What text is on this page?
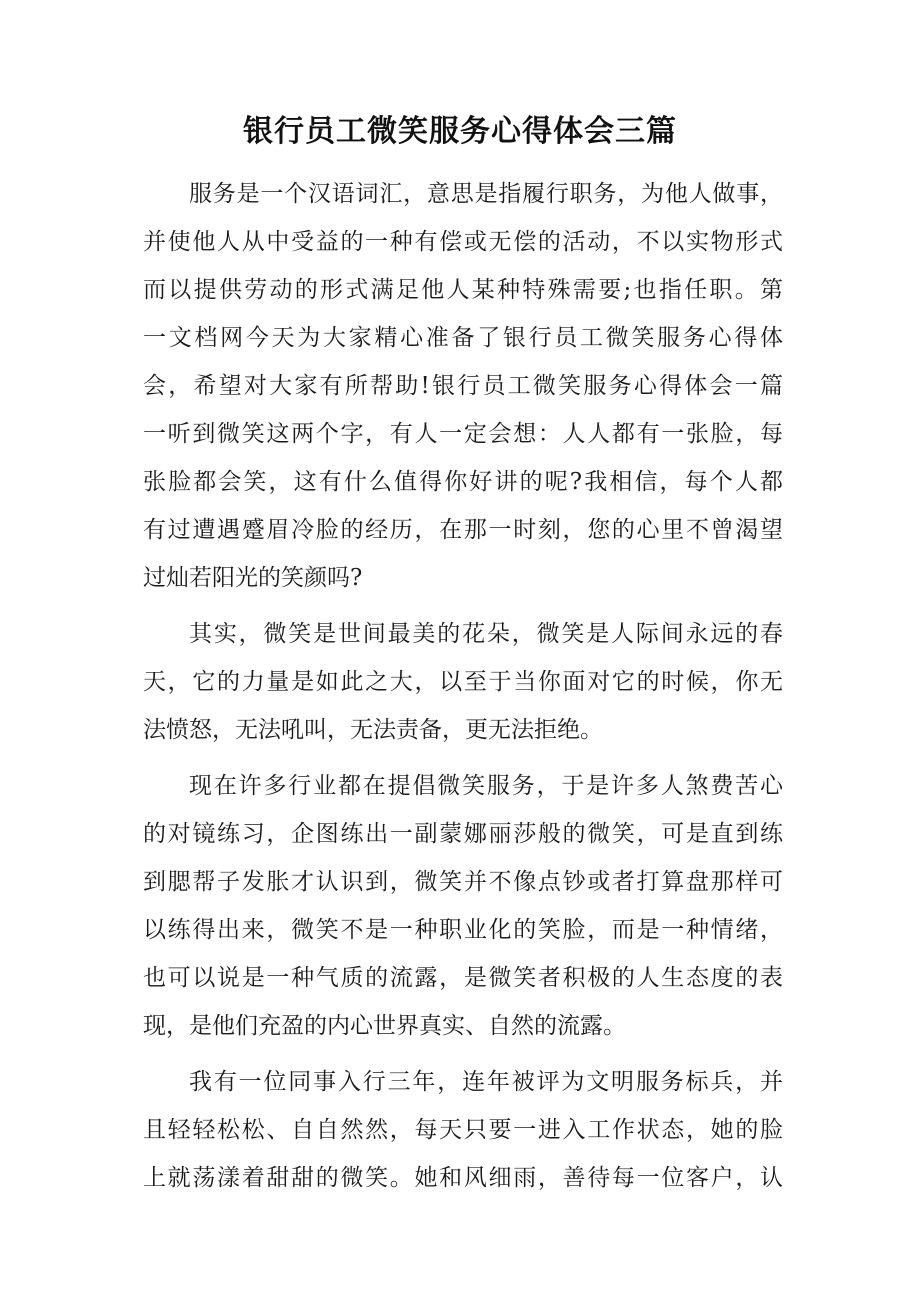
银行员工微笑服务心得体会三篇
服务是一个汉语词汇，意思是指履行职务，为他人做事，
并使他人从中受益的一种有偿或无偿的活动，不以实物形式
而以提供劳动的形式满足他人某种特殊需要;也指任职。第
一文档网今天为大家精心准备了银行员工微笑服务心得体
会，希望对大家有所帮助!银行员工微笑服务心得体会一篇
一听到微笑这两个字，有人一定会想：人人都有一张脸，每
张脸都会笑，这有什么值得你好讲的呢?我相信，每个人都
有过遭遇蹙眉冷脸的经历，在那一时刻，您的心里不曾渴望
过灿若阳光的笑颜吗?
其实，微笑是世间最美的花朵，微笑是人际间永远的春
天，它的力量是如此之大，以至于当你面对它的时候，你无
法愤怒，无法吼叫，无法责备，更无法拒绝。
现在许多行业都在提倡微笑服务，于是许多人煞费苦心
的对镜练习，企图练出一副蒙娜丽莎般的微笑，可是直到练
到腮帮子发胀才认识到，微笑并不像点钞或者打算盘那样可
以练得出来，微笑不是一种职业化的笑脸，而是一种情绪，
也可以说是一种气质的流露，是微笑者积极的人生态度的表
现，是他们充盈的内心世界真实、自然的流露。
我有一位同事入行三年，连年被评为文明服务标兵，并
且轻轻松松、自自然然，每天只要一进入工作状态，她的脸
上就荡漾着甜甜的微笑。她和风细雨，善待每一位客户，认
